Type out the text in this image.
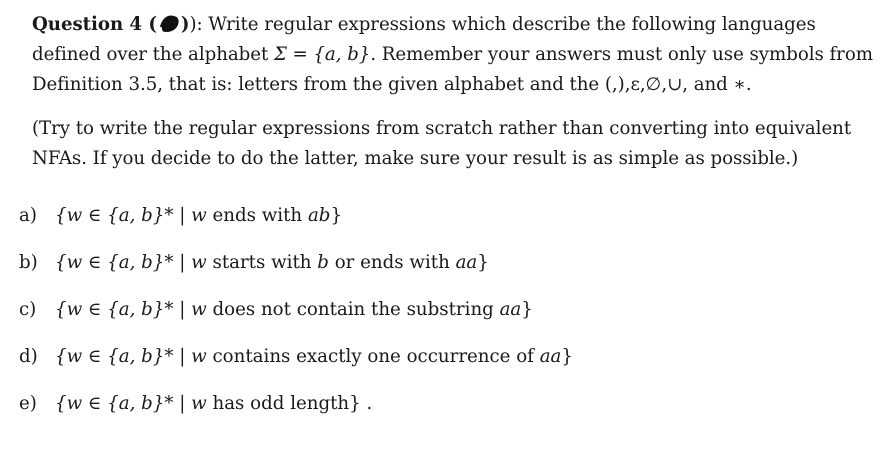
Question 4 ( )): Write regular expressions which describe the following languages defined over the alphabet Σ = {a, b}. Remember your answers must only use symbols from Definition 3.5, that is: letters from the given alphabet and the (,),ε,∅,∪, and ∗.

(Try to write the regular expressions from scratch rather than converting into equivalent NFAs. If you decide to do the latter, make sure your result is as simple as possible.)

a) {w ∈ {a, b}* | w ends with ab}
b) {w ∈ {a, b}* | w starts with b or ends with aa}
c) {w ∈ {a, b}* | w does not contain the substring aa}
d) {w ∈ {a, b}* | w contains exactly one occurrence of aa}
e) {w ∈ {a, b}* | w has odd length} .
